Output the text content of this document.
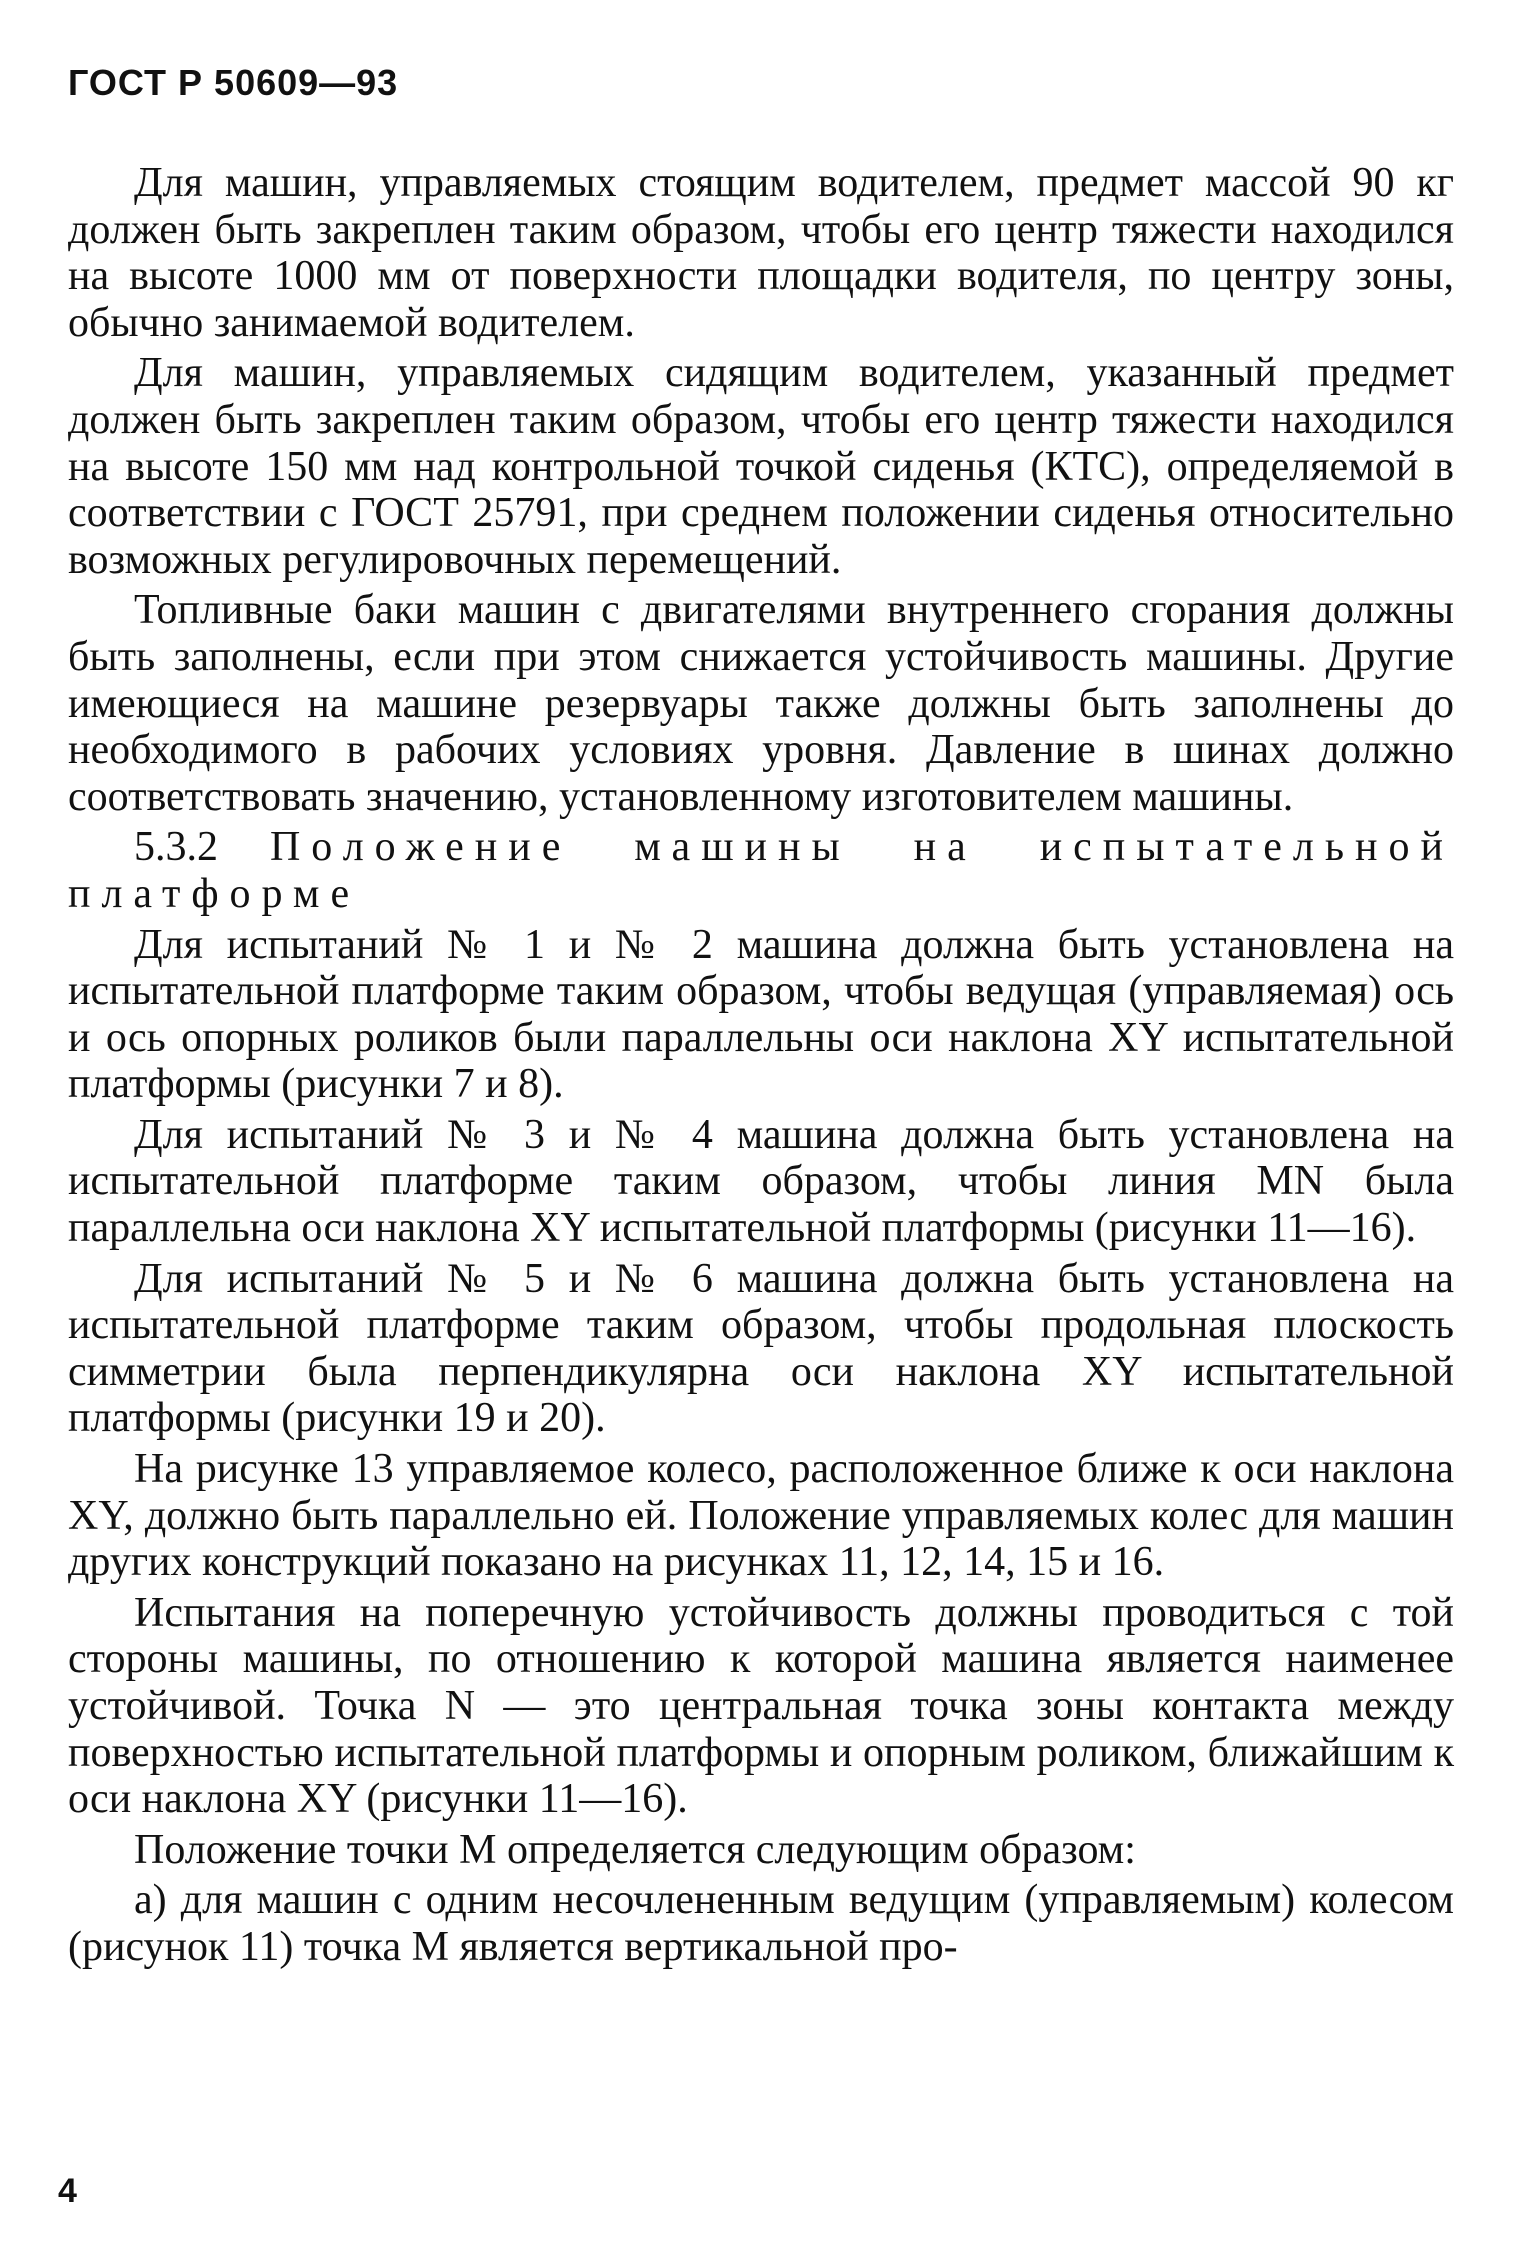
ГОСТ Р 50609—93

Для машин, управляемых стоящим водителем, предмет массой 90 кг должен быть закреплен таким образом, чтобы его центр тяжести находился на высоте 1000 мм от поверхности площадки водителя, по центру зоны, обычно занимаемой водителем.

Для машин, управляемых сидящим водителем, указанный предмет должен быть закреплен таким образом, чтобы его центр тяжести находился на высоте 150 мм над контрольной точкой сиденья (КТС), определяемой в соответствии с ГОСТ 25791, при среднем положении сиденья относительно возможных регулировочных перемещений.

Топливные баки машин с двигателями внутреннего сгорания должны быть заполнены, если при этом снижается устойчивость машины. Другие имеющиеся на машине резервуары также должны быть заполнены до необходимого в рабочих условиях уровня. Давление в шинах должно соответствовать значению, установленному изготовителем машины.

5.3.2 Положение машины на испытательной платформе

Для испытаний № 1 и № 2 машина должна быть установлена на испытательной платформе таким образом, чтобы ведущая (управляемая) ось и ось опорных роликов были параллельны оси наклона XY испытательной платформы (рисунки 7 и 8).

Для испытаний № 3 и № 4 машина должна быть установлена на испытательной платформе таким образом, чтобы линия MN была параллельна оси наклона XY испытательной платформы (рисунки 11—16).

Для испытаний № 5 и № 6 машина должна быть установлена на испытательной платформе таким образом, чтобы продольная плоскость симметрии была перпендикулярна оси наклона XY испытательной платформы (рисунки 19 и 20).

На рисунке 13 управляемое колесо, расположенное ближе к оси наклона XY, должно быть параллельно ей. Положение управляемых колес для машин других конструкций показано на рисунках 11, 12, 14, 15 и 16.

Испытания на поперечную устойчивость должны проводиться с той стороны машины, по отношению к которой машина является наименее устойчивой. Точка N — это центральная точка зоны контакта между поверхностью испытательной платформы и опорным роликом, ближайшим к оси наклона XY (рисунки 11—16).

Положение точки M определяется следующим образом:

а) для машин с одним несочлененным ведущим (управляемым) колесом (рисунок 11) точка M является вертикальной про-

4
